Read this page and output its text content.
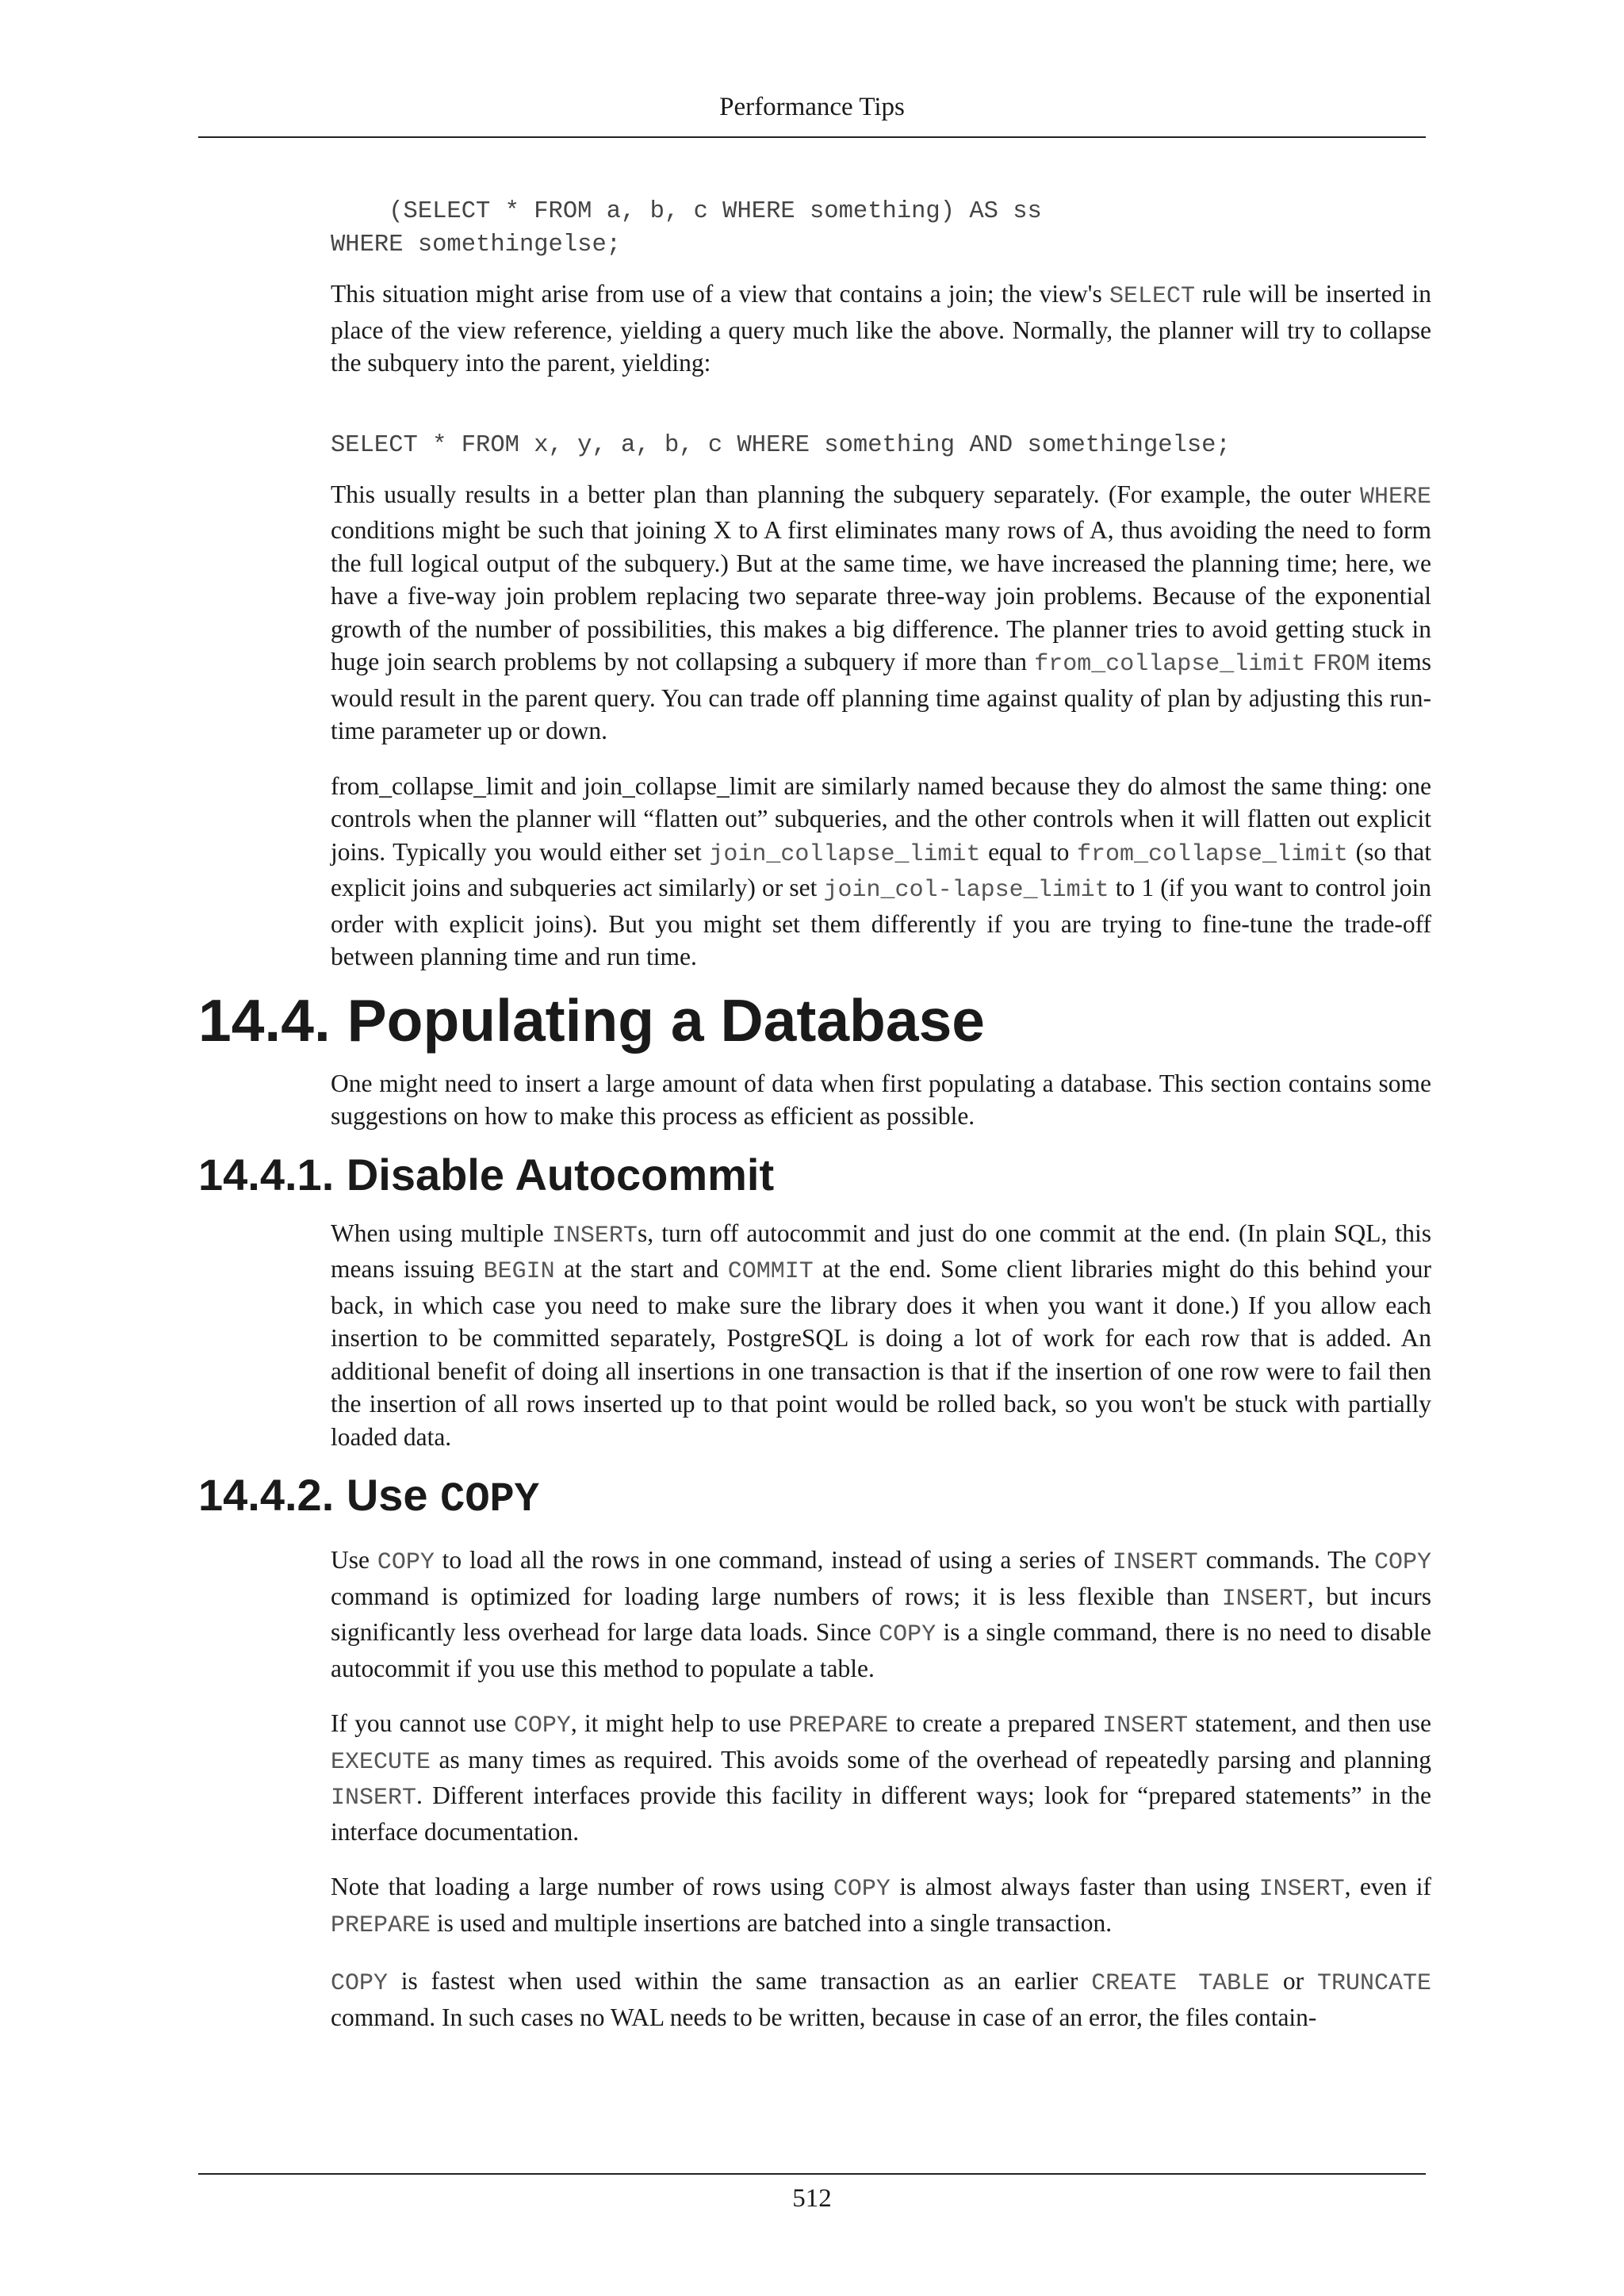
Performance Tips
(SELECT * FROM a, b, c WHERE something) AS ss
WHERE somethingelse;

This situation might arise from use of a view that contains a join; the view's SELECT rule will be inserted in place of the view reference, yielding a query much like the above. Normally, the planner will try to collapse the subquery into the parent, yielding:

SELECT * FROM x, y, a, b, c WHERE something AND somethingelse;

This usually results in a better plan than planning the subquery separately. (For example, the outer WHERE conditions might be such that joining X to A first eliminates many rows of A, thus avoiding the need to form the full logical output of the subquery.) But at the same time, we have increased the planning time; here, we have a five-way join problem replacing two separate three-way join problems. Because of the exponential growth of the number of possibilities, this makes a big difference. The planner tries to avoid getting stuck in huge join search problems by not collapsing a subquery if more than from_collapse_limit FROM items would result in the parent query. You can trade off planning time against quality of plan by adjusting this run-time parameter up or down.

from_collapse_limit and join_collapse_limit are similarly named because they do almost the same thing: one controls when the planner will “flatten out” subqueries, and the other controls when it will flatten out explicit joins. Typically you would either set join_collapse_limit equal to from_collapse_limit (so that explicit joins and subqueries act similarly) or set join_col-lapse_limit to 1 (if you want to control join order with explicit joins). But you might set them differently if you are trying to fine-tune the trade-off between planning time and run time.

14.4. Populating a Database

One might need to insert a large amount of data when first populating a database. This section contains some suggestions on how to make this process as efficient as possible.

14.4.1. Disable Autocommit

When using multiple INSERTs, turn off autocommit and just do one commit at the end. (In plain SQL, this means issuing BEGIN at the start and COMMIT at the end. Some client libraries might do this behind your back, in which case you need to make sure the library does it when you want it done.) If you allow each insertion to be committed separately, PostgreSQL is doing a lot of work for each row that is added. An additional benefit of doing all insertions in one transaction is that if the insertion of one row were to fail then the insertion of all rows inserted up to that point would be rolled back, so you won't be stuck with partially loaded data.

14.4.2. Use COPY

Use COPY to load all the rows in one command, instead of using a series of INSERT commands. The COPY command is optimized for loading large numbers of rows; it is less flexible than INSERT, but incurs significantly less overhead for large data loads. Since COPY is a single command, there is no need to disable autocommit if you use this method to populate a table.

If you cannot use COPY, it might help to use PREPARE to create a prepared INSERT statement, and then use EXECUTE as many times as required. This avoids some of the overhead of repeatedly parsing and planning INSERT. Different interfaces provide this facility in different ways; look for “prepared statements” in the interface documentation.

Note that loading a large number of rows using COPY is almost always faster than using INSERT, even if PREPARE is used and multiple insertions are batched into a single transaction.

COPY is fastest when used within the same transaction as an earlier CREATE TABLE or TRUNCATE command. In such cases no WAL needs to be written, because in case of an error, the files contain-

512
